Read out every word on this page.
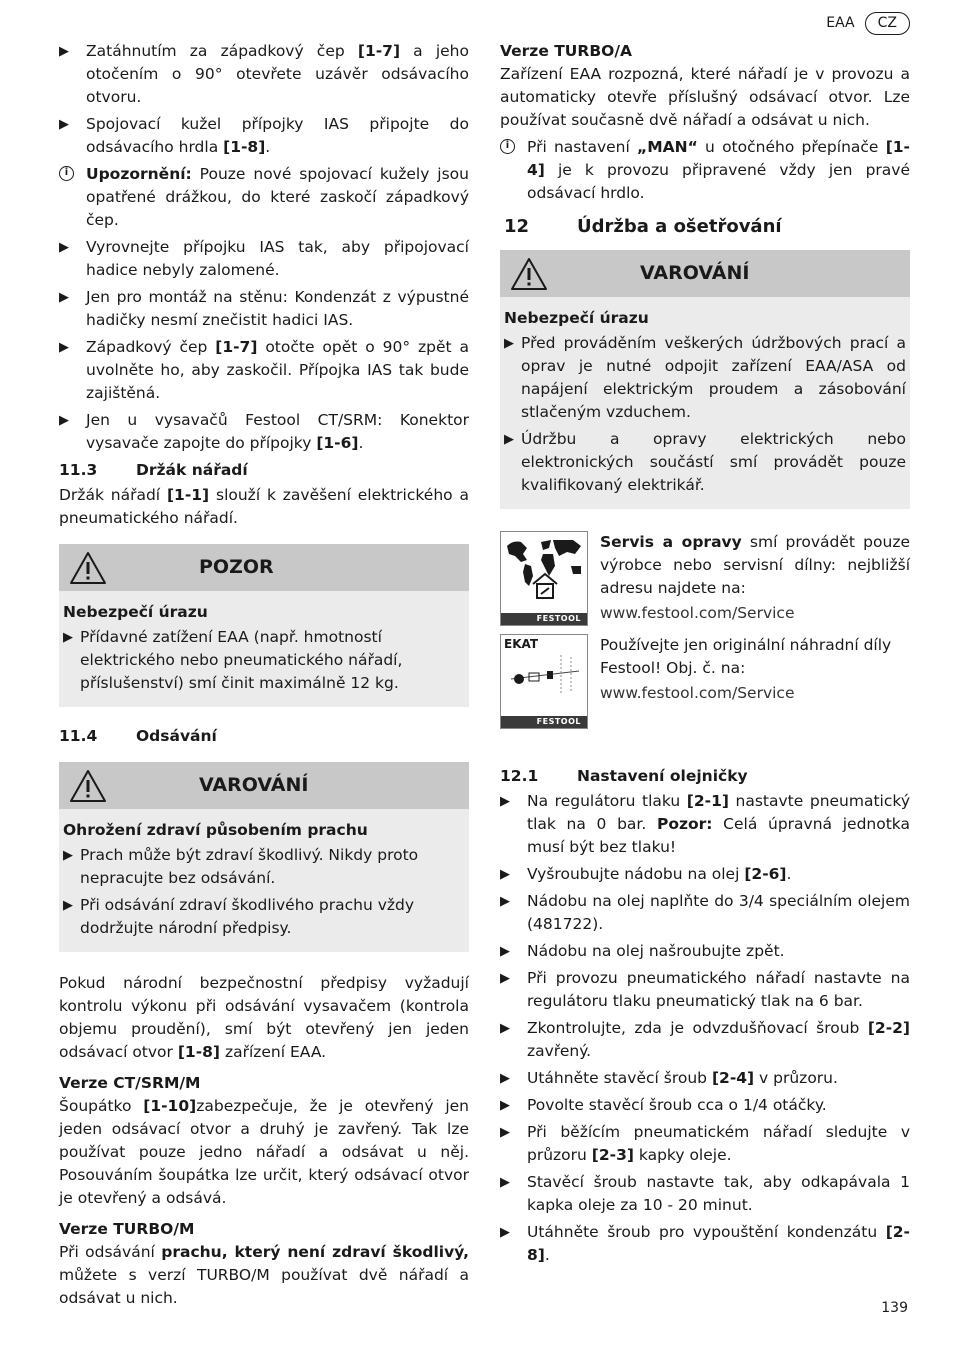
EAA	CZ
▶	Zatáhnutím za západkový čep [1-7] a jeho otočením o 90° otevřete uzávěr odsávacího otvoru.
▶	Spojovací kužel přípojky IAS připojte do odsávacího hrdla [1-8].
i	Upozornění: Pouze nové spojovací kužely jsou opatřené drážkou, do které zaskočí západkový čep.
▶	Vyrovnejte přípojku IAS tak, aby připojovací hadice nebyly zalomené.
▶	Jen pro montáž na stěnu: Kondenzát z výpustné hadičky nesmí znečistit hadici IAS.
▶	Západkový čep [1-7] otočte opět o 90° zpět a uvolněte ho, aby zaskočil. Přípojka IAS tak bude zajištěná.
▶	Jen u vysavačů Festool CT/SRM: Konektor vysavače zapojte do přípojky [1-6].
11.3	Držák nářadí
Držák nářadí [1-1] slouží k zavěšení elektrického a pneumatického nářadí.
POZOR
Nebezpečí úrazu
▶ Přídavné zatížení EAA (např. hmotností elektrického nebo pneumatického nářadí, příslušenství) smí činit maximálně 12 kg.
11.4	Odsávání
VAROVÁNÍ
Ohrožení zdraví působením prachu
▶ Prach může být zdraví škodlivý. Nikdy proto nepracujte bez odsávání.
▶ Při odsávání zdraví škodlivého prachu vždy dodržujte národní předpisy.
Pokud národní bezpečnostní předpisy vyžadují kontrolu výkonu při odsávání vysavačem (kontrola objemu proudění), smí být otevřený jen jeden odsávací otvor [1-8] zařízení EAA.
Verze CT/SRM/M
Šoupátko [1-10]zabezpečuje, že je otevřený jen jeden odsávací otvor a druhý je zavřený. Tak lze používat pouze jedno nářadí a odsávat u něj. Posouváním šoupátka lze určit, který odsávací otvor je otevřený a odsává.
Verze TURBO/M
Při odsávání prachu, který není zdraví škodlivý, můžete s verzí TURBO/M používat dvě nářadí a odsávat u nich.
Verze TURBO/A
Zařízení EAA rozpozná, které nářadí je v provozu a automaticky otevře příslušný odsávací otvor. Lze používat současně dvě nářadí a odsávat u nich.
i	Při nastavení „MAN“ u otočného přepínače [1-4] je k provozu připravené vždy jen pravé odsávací hrdlo.
12	Údržba a ošetřování
VAROVÁNÍ
Nebezpečí úrazu
▶ Před prováděním veškerých údržbových prací a oprav je nutné odpojit zařízení EAA/ASA od napájení elektrickým proudem a zásobování stlačeným vzduchem.
▶ Údržbu a opravy elektrických nebo elektronických součástí smí provádět pouze kvalifikovaný elektrikář.
FESTOOL
Servis a opravy smí provádět pouze výrobce nebo servisní dílny: nejbližší adresu najdete na:
www.festool.com/Service
EKAT
FESTOOL
Používejte jen originální náhradní díly Festool! Obj. č. na:
www.festool.com/Service
12.1	Nastavení olejničky
▶	Na regulátoru tlaku [2-1] nastavte pneumatický tlak na 0 bar. Pozor: Celá úpravná jednotka musí být bez tlaku!
▶	Vyšroubujte nádobu na olej [2-6].
▶	Nádobu na olej naplňte do 3/4 speciálním olejem (481722).
▶	Nádobu na olej našroubujte zpět.
▶	Při provozu pneumatického nářadí nastavte na regulátoru tlaku pneumatický tlak na 6 bar.
▶	Zkontrolujte, zda je odvzdušňovací šroub [2-2] zavřený.
▶	Utáhněte stavěcí šroub [2-4] v průzoru.
▶	Povolte stavěcí šroub cca o 1/4 otáčky.
▶	Při běžícím pneumatickém nářadí sledujte v průzoru [2-3] kapky oleje.
▶	Stavěcí šroub nastavte tak, aby odkapávala 1 kapka oleje za 10 - 20 minut.
▶	Utáhněte šroub pro vypouštění kondenzátu [2-8].
139
